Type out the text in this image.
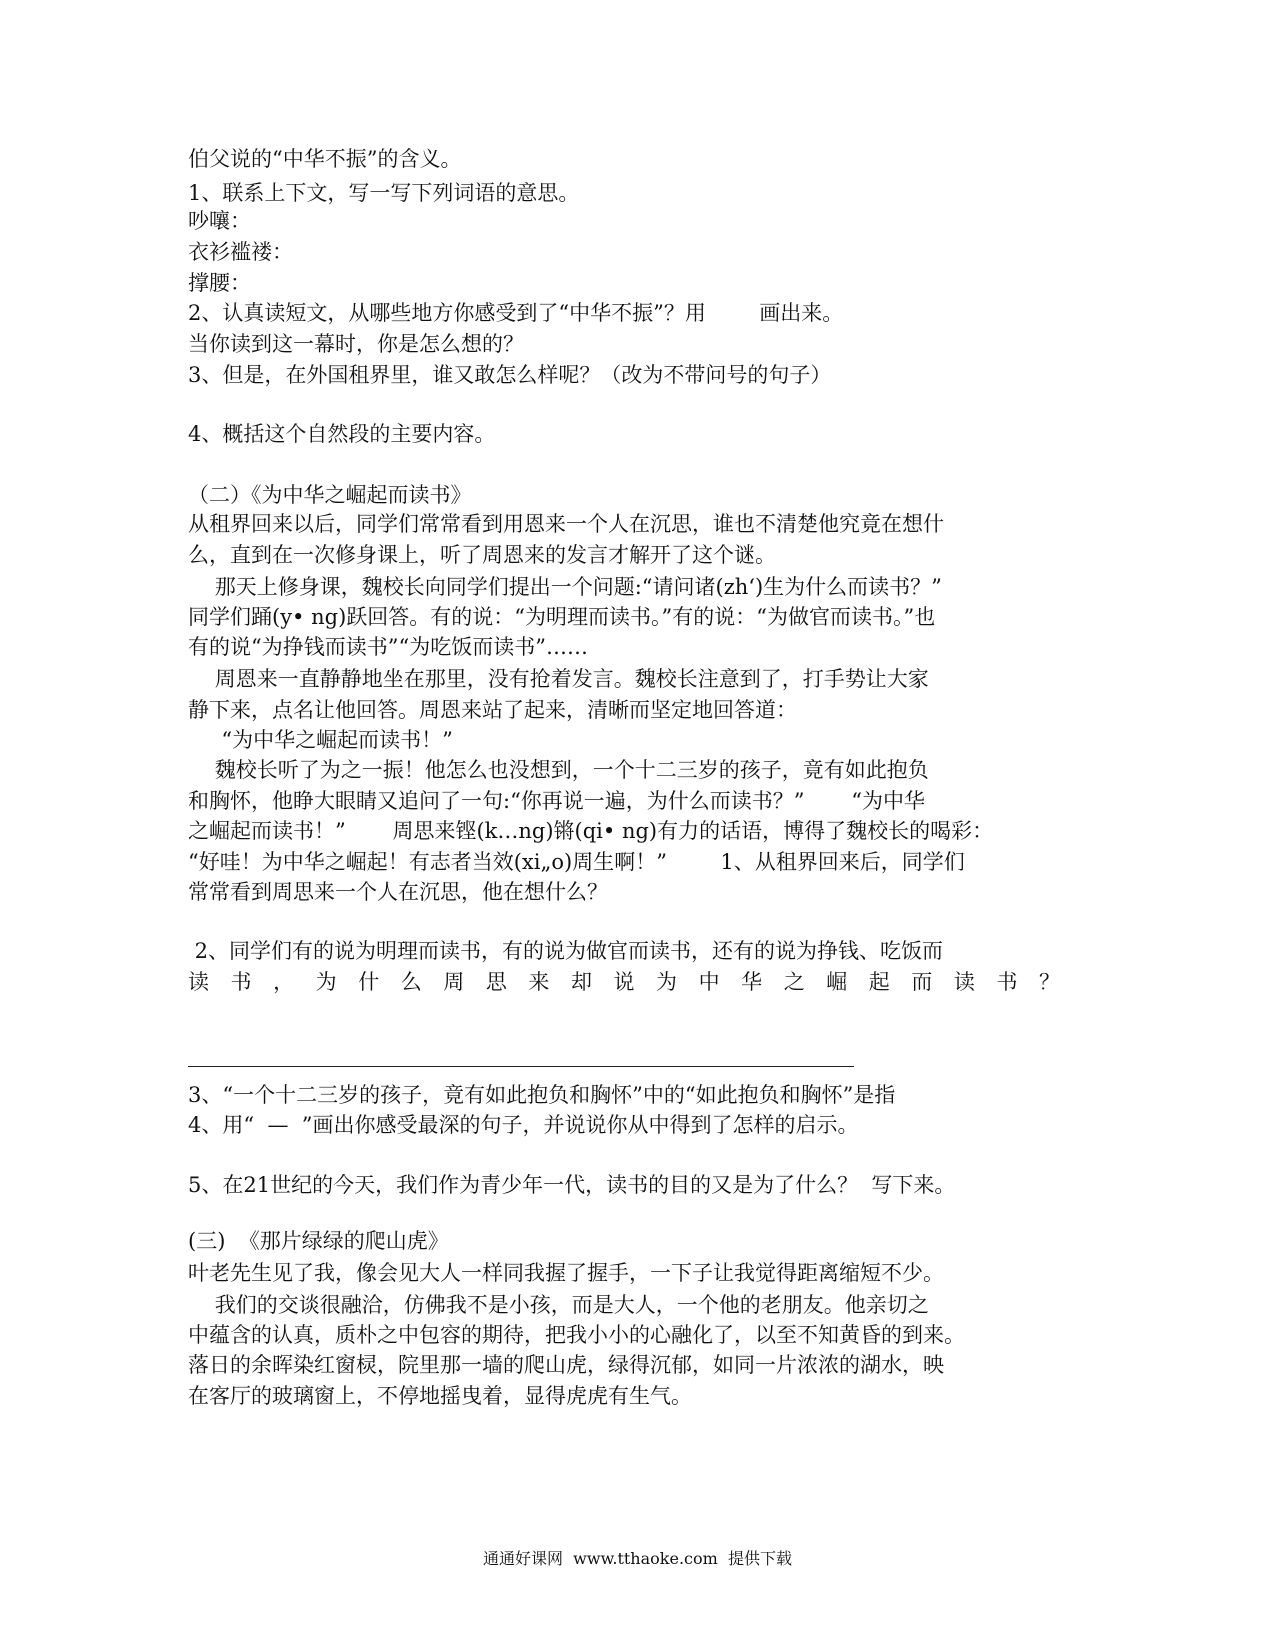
伯父说的“中华不振”的含义。
1、联系上下文，写一写下列词语的意思。
吵嚷：
衣衫褴褛：
撑腰：
2、认真读短文，从哪些地方你感受到了“中华不振”？用        画出来。
当你读到这一幕时，你是怎么想的？
3、但是，在外国租界里，谁又敢怎么样呢？（改为不带问号的句子）
4、概括这个自然段的主要内容。
（二）《为中华之崛起而读书》
从租界回来以后，同学们常常看到用恩来一个人在沉思，谁也不清楚他究竟在想什
么，直到在一次修身课上，听了周恩来的发言才解开了这个谜。
那天上修身课，魏校长向同学们提出一个问题:“请问诸(zh‘)生为什么而读书？”
同学们踊(y• ng)跃回答。有的说：“为明理而读书。”有的说：“为做官而读书。”也
有的说“为挣钱而读书”“为吃饭而读书”……
周恩来一直静静地坐在那里，没有抢着发言。魏校长注意到了，打手势让大家
静下来，点名让他回答。周恩来站了起来，清晰而坚定地回答道：
“为中华之崛起而读书！”
魏校长听了为之一振！他怎么也没想到，一个十二三岁的孩子，竟有如此抱负
和胸怀，他睁大眼睛又追问了一句:“你再说一遍，为什么而读书？”       “为中华
之崛起而读书！”       周思来铿(k…ng)锵(qi• ng)有力的话语，博得了魏校长的喝彩：
“好哇！为中华之崛起！有志者当效(xi„o)周生啊！”        1、从租界回来后，同学们
常常看到周思来一个人在沉思，他在想什么？
2、同学们有的说为明理而读书，有的说为做官而读书，还有的说为挣钱、吃饭而
读​书​，​为​什​么​周​思​来​却​说​为​中​华​之​崛​起​而​读​书​？
3、“一个十二三岁的孩子，竟有如此抱负和胸怀”中的“如此抱负和胸怀”是指
4、用“  —  ”画出你感受最深的句子，并说说你从中得到了怎样的启示。
5、在21世纪的今天，我们作为青少年一代，读书的目的又是为了什么？  写下来。
(三)  《那片绿绿的爬山虎》
叶老先生见了我，像会见大人一样同我握了握手，一下子让我觉得距离缩短不少。
我们的交谈很融洽，仿佛我不是小孩，而是大人，一个他的老朋友。他亲切之
中蕴含的认真，质朴之中包容的期待，把我小小的心融化了，以至不知黄昏的到来。
落日的余晖染红窗棂，院里那一墙的爬山虎，绿得沉郁，如同一片浓浓的湖水，映
在客厅的玻璃窗上，不停地摇曳着，显得虎虎有生气。
通通好课网  www.tthaoke.com  提供下载
